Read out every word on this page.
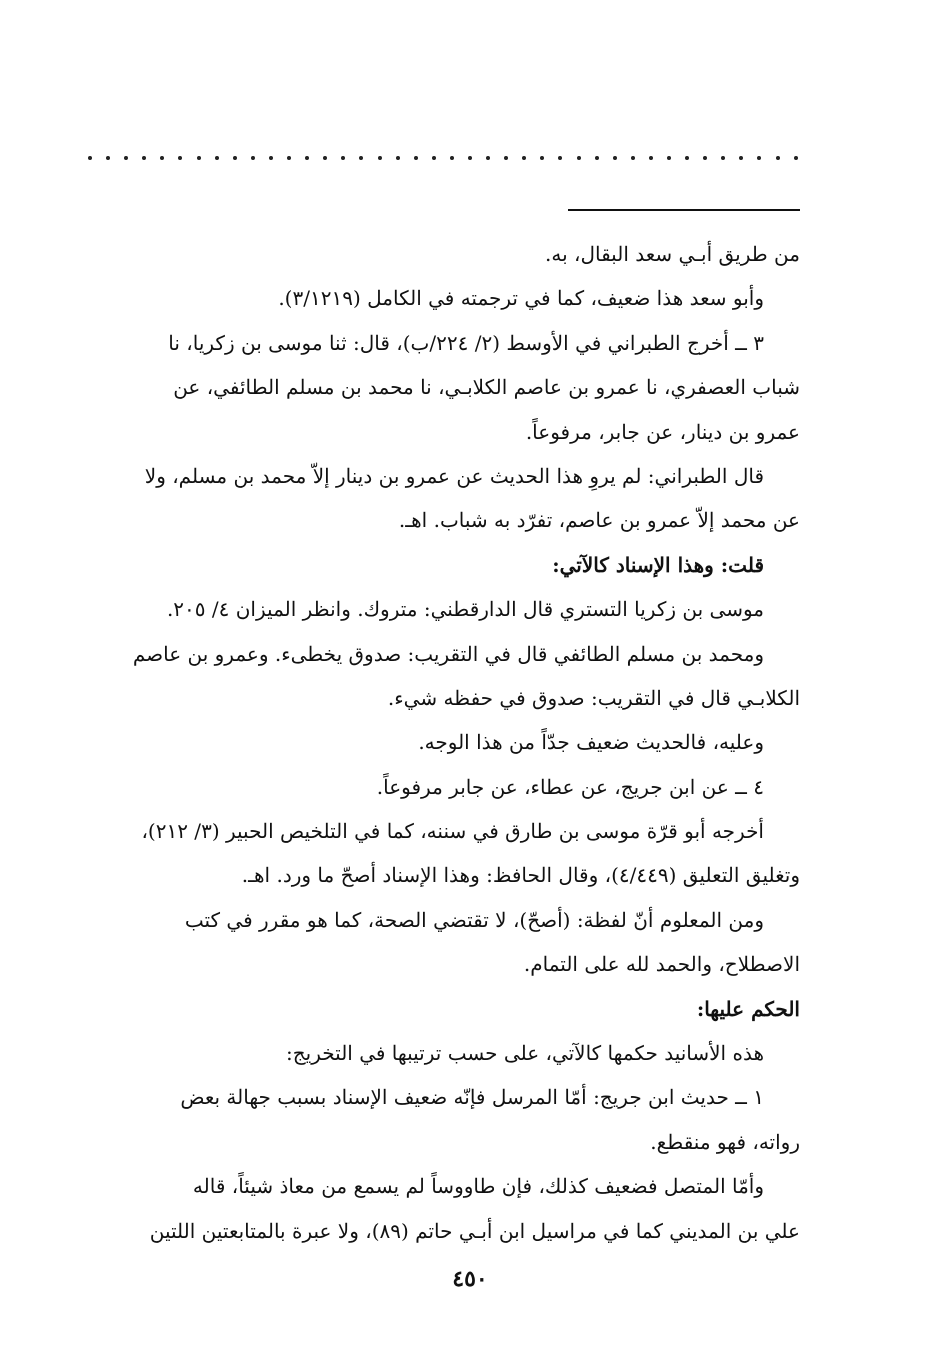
من طريق أبـي سعد البقال، به.
وأبو سعد هذا ضعيف، كما في ترجمته في الكامل (٣/١٢١٩).
٣ ــ أخرج الطبراني في الأوسط (٢/ ٢٢٤/ب)، قال: ثنا موسى بن زكريا، نا
شباب العصفري، نا عمرو بن عاصم الكلابـي، نا محمد بن مسلم الطائفي، عن
عمرو بن دينار، عن جابر، مرفوعاً.
قال الطبراني: لم يروِ هذا الحديث عن عمرو بن دينار إلاّ محمد بن مسلم، ولا
عن محمد إلاّ عمرو بن عاصم، تفرّد به شباب. اهـ.
قلت: وهذا الإسناد كالآتي:
موسى بن زكريا التستري قال الدارقطني: متروك. وانظر الميزان ٤/ ٢٠٥.
ومحمد بن مسلم الطائفي قال في التقريب: صدوق يخطىء. وعمرو بن عاصم
الكلابـي قال في التقريب: صدوق في حفظه شيء.
وعليه، فالحديث ضعيف جدّاً من هذا الوجه.
٤ ــ عن ابن جريج، عن عطاء، عن جابر مرفوعاً.
أخرجه أبو قرّة موسى بن طارق في سننه، كما في التلخيص الحبير (٣/ ٢١٢)،
وتغليق التعليق (٤/٤٤٩)، وقال الحافظ: وهذا الإسناد أصحّ ما ورد. اهـ.
ومن المعلوم أنّ لفظة: (أصحّ)، لا تقتضي الصحة، كما هو مقرر في كتب
الاصطلاح، والحمد لله على التمام.
الحكم عليها:
هذه الأسانيد حكمها كالآتي، على حسب ترتيبها في التخريج:
١ ــ حديث ابن جريج: أمّا المرسل فإنّه ضعيف الإسناد بسبب جهالة بعض
رواته، فهو منقطع.
وأمّا المتصل فضعيف كذلك، فإن طاووساً لم يسمع من معاذ شيئاً، قاله
علي بن المديني كما في مراسيل ابن أبـي حاتم (٨٩)، ولا عبرة بالمتابعتين اللتين
٤٥٠
